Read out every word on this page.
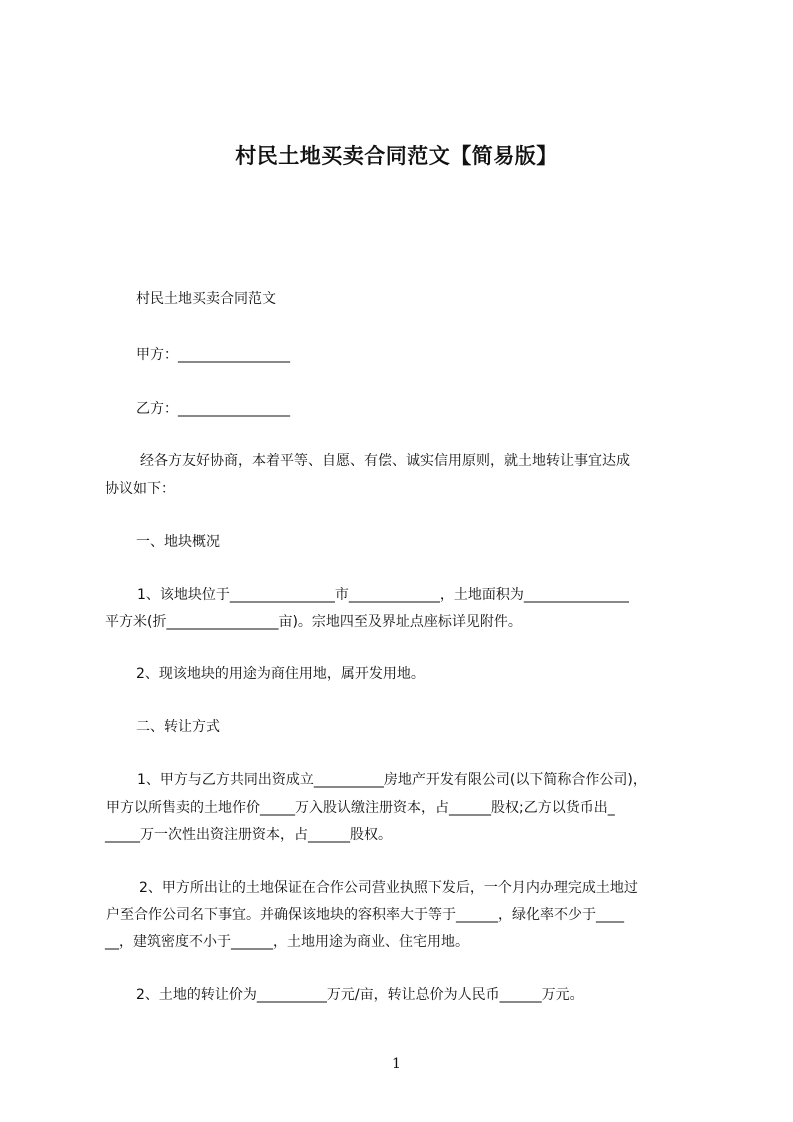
村民土地买卖合同范文【简易版】
村民土地买卖合同范文
甲方：________________
乙方：________________
经各方友好协商，本着平等、自愿、有偿、诚实信用原则，就土地转让事宜达成
协议如下：
一、地块概况
1、该地块位于_______________市_____________，土地面积为_______________
平方米(折________________亩)。宗地四至及界址点座标详见附件。
2、现该地块的用途为商住用地，属开发用地。
二、转让方式
1、甲方与乙方共同出资成立__________房地产开发有限公司(以下简称合作公司)，
甲方以所售卖的土地作价_____万入股认缴注册资本，占______股权;乙方以货币出_
_____万一次性出资注册资本，占______股权。
2、甲方所出让的土地保证在合作公司营业执照下发后，一个月内办理完成土地过
户至合作公司名下事宜。并确保该地块的容积率大于等于______，绿化率不少于____
__，建筑密度不小于______，土地用途为商业、住宅用地。
2、土地的转让价为__________万元/亩，转让总价为人民币______万元。
1
